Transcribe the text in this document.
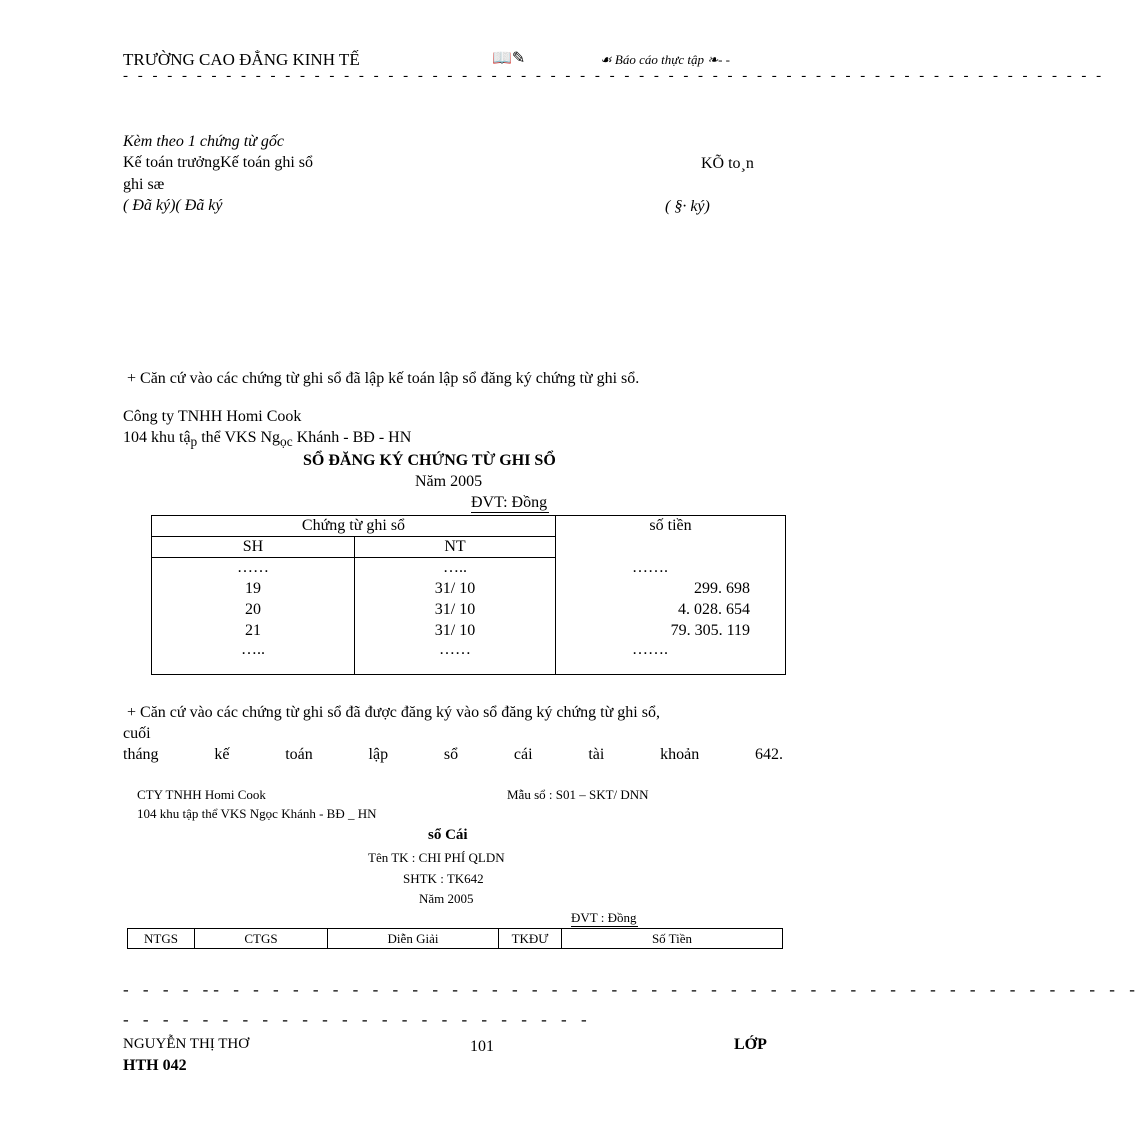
TRƯỜNG CAO ĐẲNG KINH TẾ	📖✎	☙ Báo cáo thực tập ❧- -
- - - - - - - - - - - - - - - - - - - - - - - - - - - - - - - - - - - - - - - - - - - - - - - - - - - - - - - - - - - - - - - - - - -
Kèm theo 1 chứng từ gốc
Kế toán trưởngKế toán ghi sổ	KÕ to¸n
ghi sæ
( Đã ký)( Đã ký	( §· ký)
+ Căn cứ vào các chứng từ ghi sổ đã lập kế toán lập sổ đăng ký chứng từ ghi sổ.
Công ty TNHH Homi Cook
104 khu tậ$_p$ thể VKS $Ng_{ọc}$ Khánh - BĐ - HN
SỔ ĐĂNG KÝ CHỨNG TỪ GHI SỔ
Năm 2005
ĐVT: Đồng
Chứng từ ghi sổ		số tiền
SH	NT	
……	…..	…….
19	31/ 10	299. 698
20	31/ 10	4. 028. 654
21	31/ 10	79. 305. 119
…..	……	…….
+ Căn cứ vào các chứng từ ghi sổ đã được đăng ký vào sổ đăng ký chứng từ ghi sổ,
cuối
tháng	kế	toán	lập	sổ	cái	tài	khoản	642.
CTY TNHH Homi Cook	Mẫu sổ : S01 – SKT/ DNN
104 khu tập thể VKS Ngọc Khánh - BĐ _ HN
sổ Cái
Tên TK : CHI PHÍ QLDN
SHTK : TK642
Năm 2005
ĐVT : Đồng
NTGS	CTGS	Diễn Giải	TKĐƯ	Số Tiền
- - - - -- - - - - - - - - - - - - - - - - - - - - - - - - - - - - - - - - - - - - - - - - - - - - - -
- - - - - - - - - - - - - - - - - - - - - - - -
NGUYỄN THỊ THƠ	101	LỚP
HTH 042
